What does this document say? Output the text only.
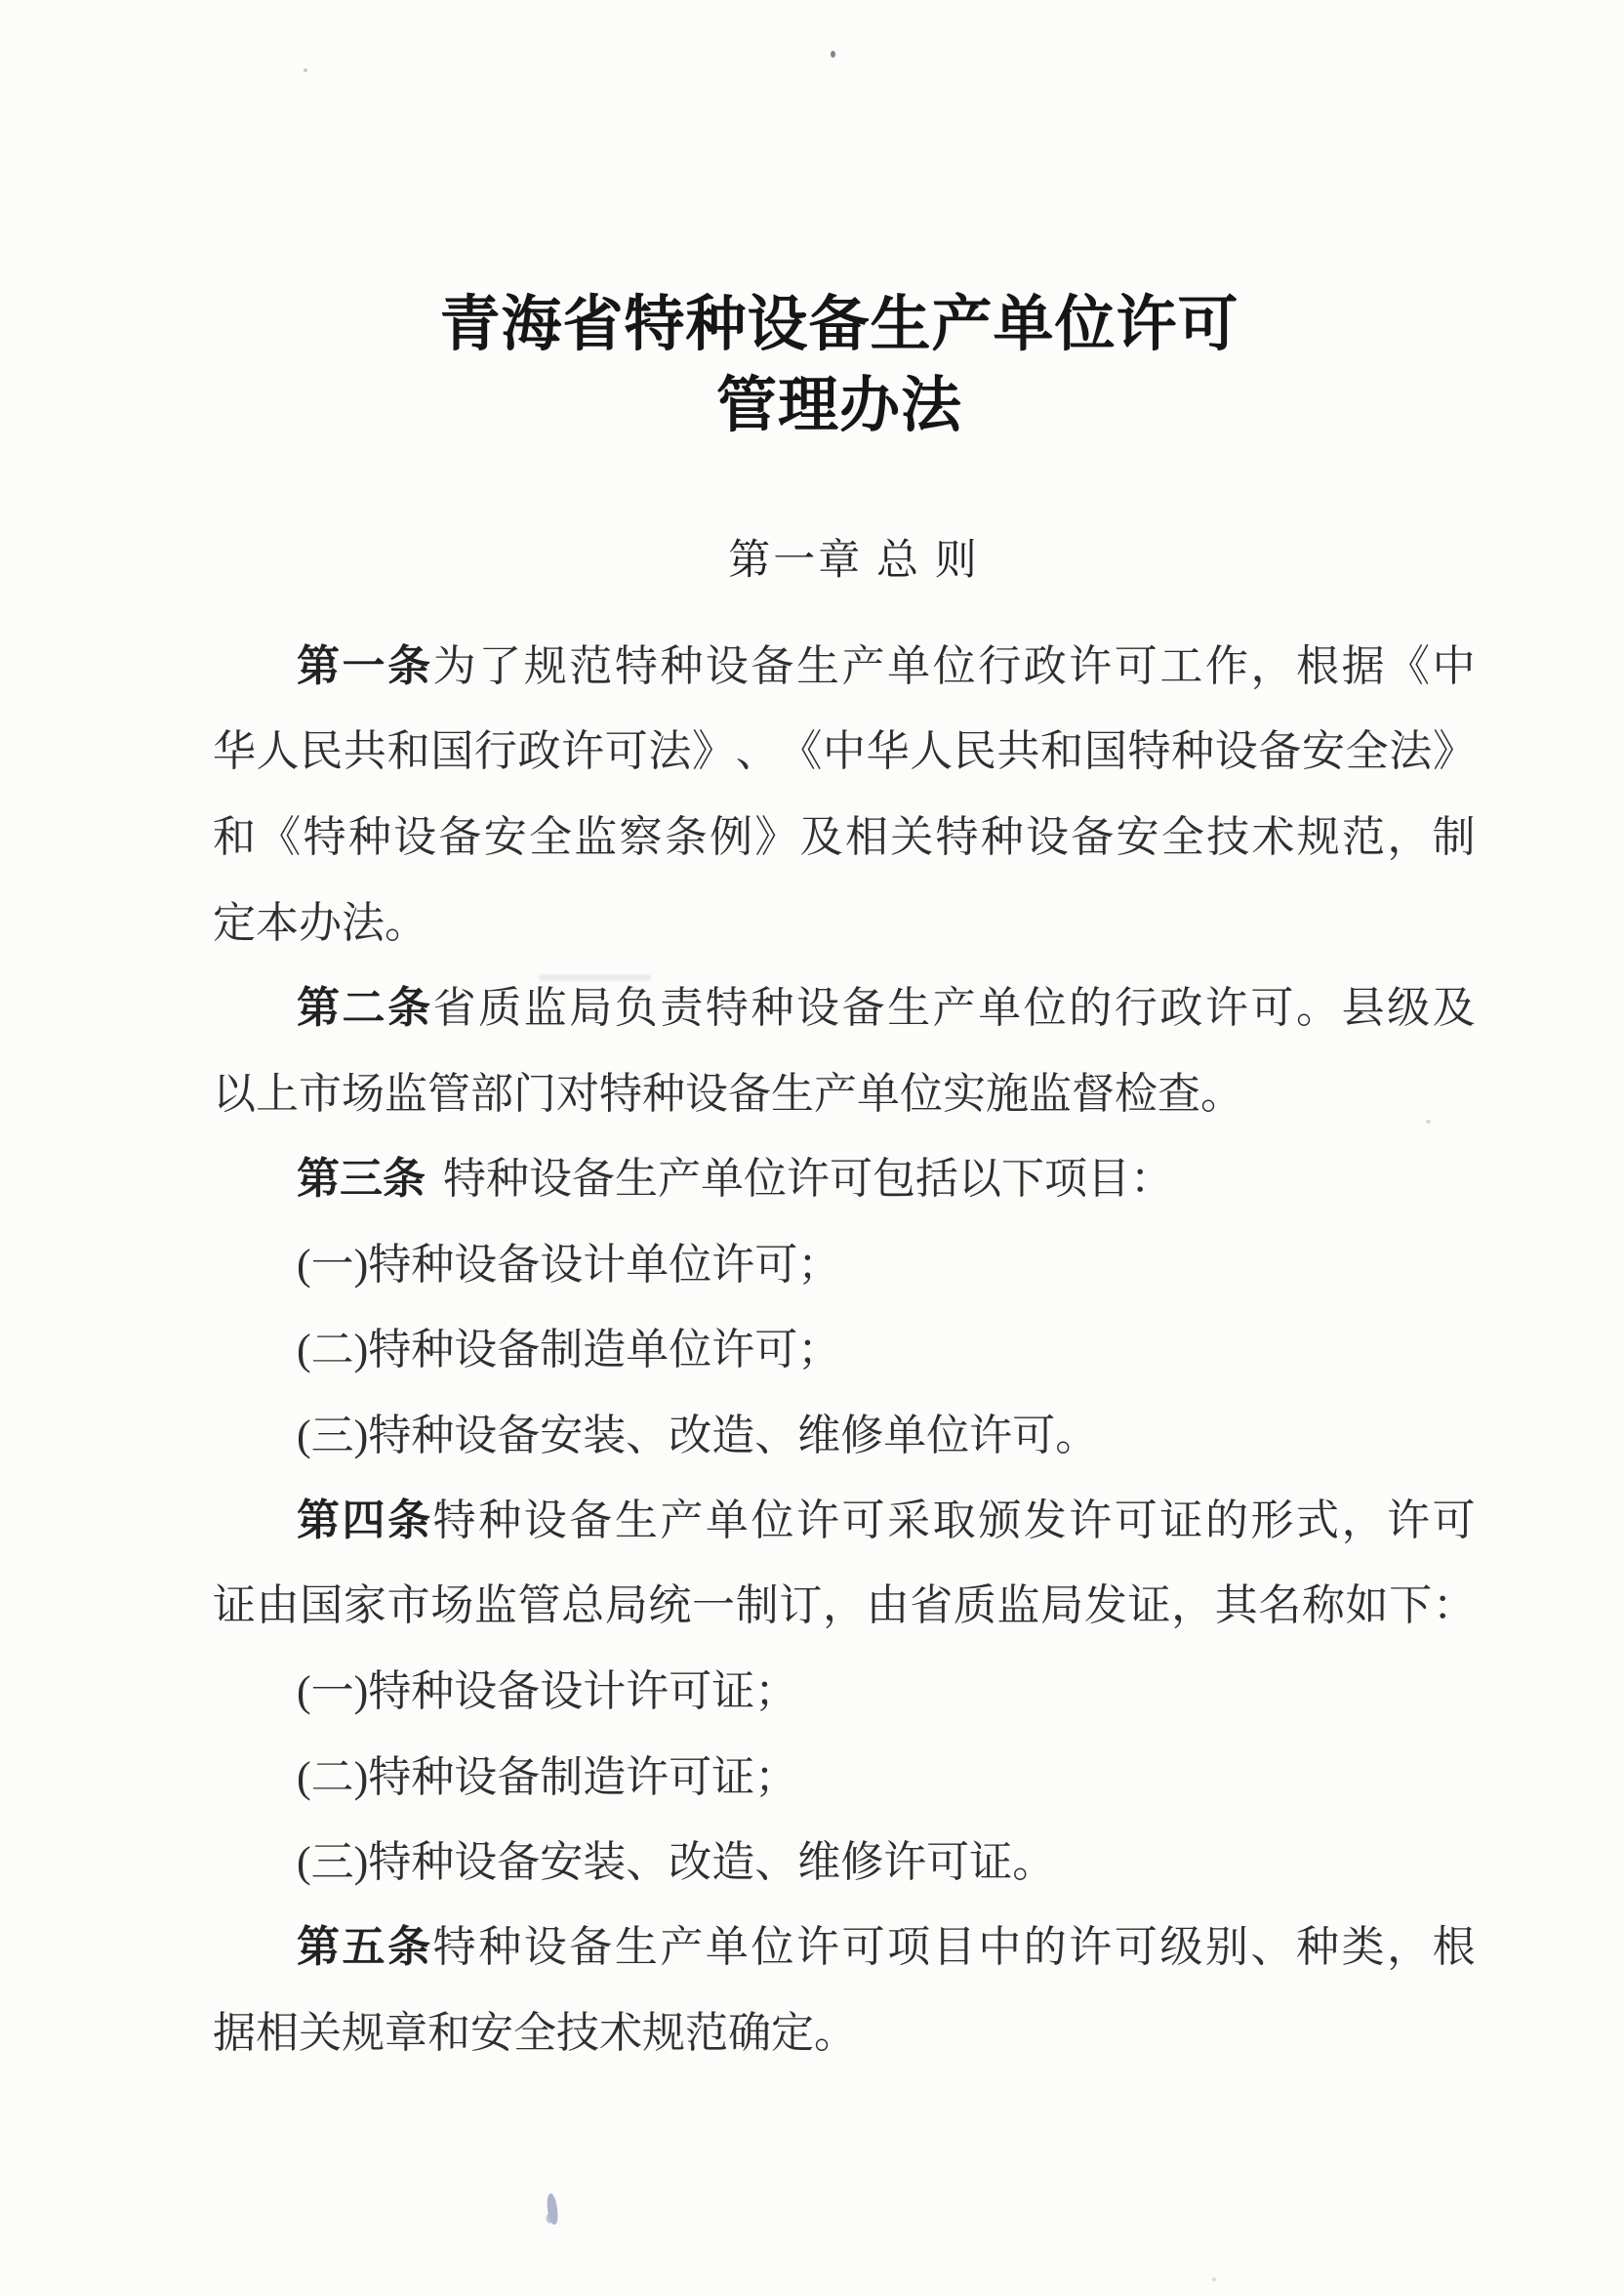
青海省特种设备生产单位许可
管理办法
第一章 总 则
第 一 条 为 了 规 范 特 种 设 备 生 产 单 位 行 政 许 可 工 作 ， 根 据 《 中
华 人 民 共 和 国 行 政 许 可 法 》 、 《 中 华 人 民 共 和 国 特 种 设 备 安 全 法 》
和 《 特 种 设 备 安 全 监 察 条 例 》 及 相 关 特 种 设 备 安 全 技 术 规 范 ， 制
定本办法。
第 二 条 省 质 监 局 负 责 特 种 设 备 生 产 单 位 的 行 政 许 可 。 县 级 及
以上市场监管部门对特种设备生产单位实施监督检查。
第三条 特种设备生产单位许可包括以下项目：
(一)特种设备设计单位许可；
(二)特种设备制造单位许可；
(三)特种设备安装、改造、维修单位许可。
第 四 条 特 种 设 备 生 产 单 位 许 可 采 取 颁 发 许 可 证 的 形 式 ， 许 可
证 由 国 家 市 场 监 管 总 局 统 一 制 订 ， 由 省 质 监 局 发 证 ， 其 名 称 如 下 ：
(一)特种设备设计许可证；
(二)特种设备制造许可证；
(三)特种设备安装、改造、维修许可证。
第 五 条 特 种 设 备 生 产 单 位 许 可 项 目 中 的 许 可 级 别 、 种 类 ， 根
据相关规章和安全技术规范确定。
